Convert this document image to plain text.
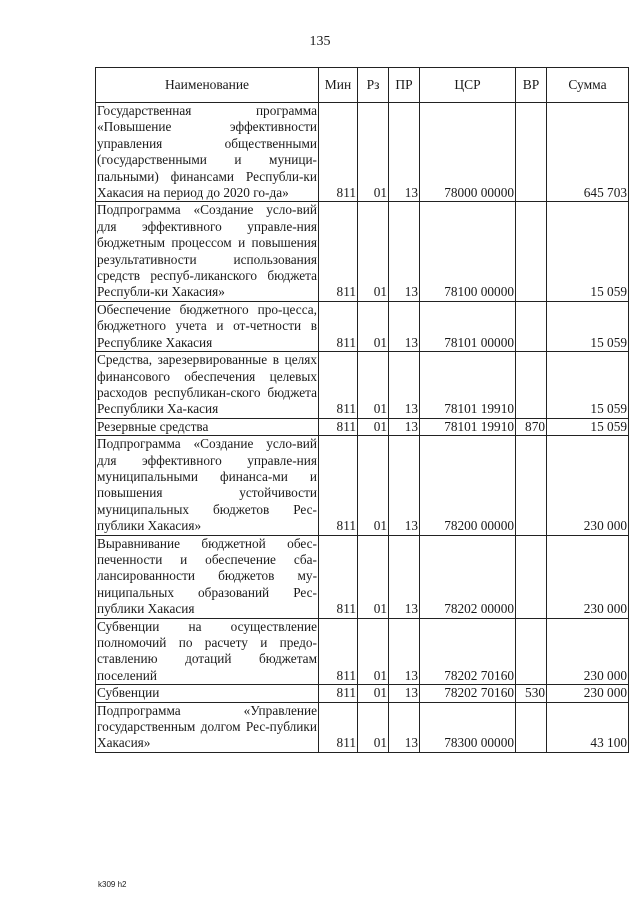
135
Наименование	Мин	Рз	ПР	ЦСР	ВР	Сумма
Государственная программа «Повышение эффективности управления общественными (государственными и муници-пальными) финансами Республи-ки Хакасия на период до 2020 го-да»	811	01	13	78000 00000		645 703
Подпрограмма «Создание усло-вий для эффективного управле-ния бюджетным процессом и повышения результативности использования средств респуб-ликанского бюджета Республи-ки Хакасия»	811	01	13	78100 00000		15 059
Обеспечение бюджетного про-цесса, бюджетного учета и от-четности в Республике Хакасия	811	01	13	78101 00000		15 059
Средства, зарезервированные в целях финансового обеспечения целевых расходов республикан-ского бюджета Республики Ха-касия	811	01	13	78101 19910		15 059
Резервные средства	811	01	13	78101 19910	870	15 059
Подпрограмма «Создание усло-вий для эффективного управле-ния муниципальными финанса-ми и повышения устойчивости муниципальных бюджетов Рес-публики Хакасия»	811	01	13	78200 00000		230 000
Выравнивание бюджетной обес-печенности и обеспечение сба-лансированности бюджетов му-ниципальных образований Рес-публики Хакасия	811	01	13	78202 00000		230 000
Субвенции на осуществление полномочий по расчету и предо-ставлению дотаций бюджетам поселений	811	01	13	78202 70160		230 000
Субвенции	811	01	13	78202 70160	530	230 000
Подпрограмма «Управление государственным долгом Рес-публики Хакасия»	811	01	13	78300 00000		43 100
k309 h2
